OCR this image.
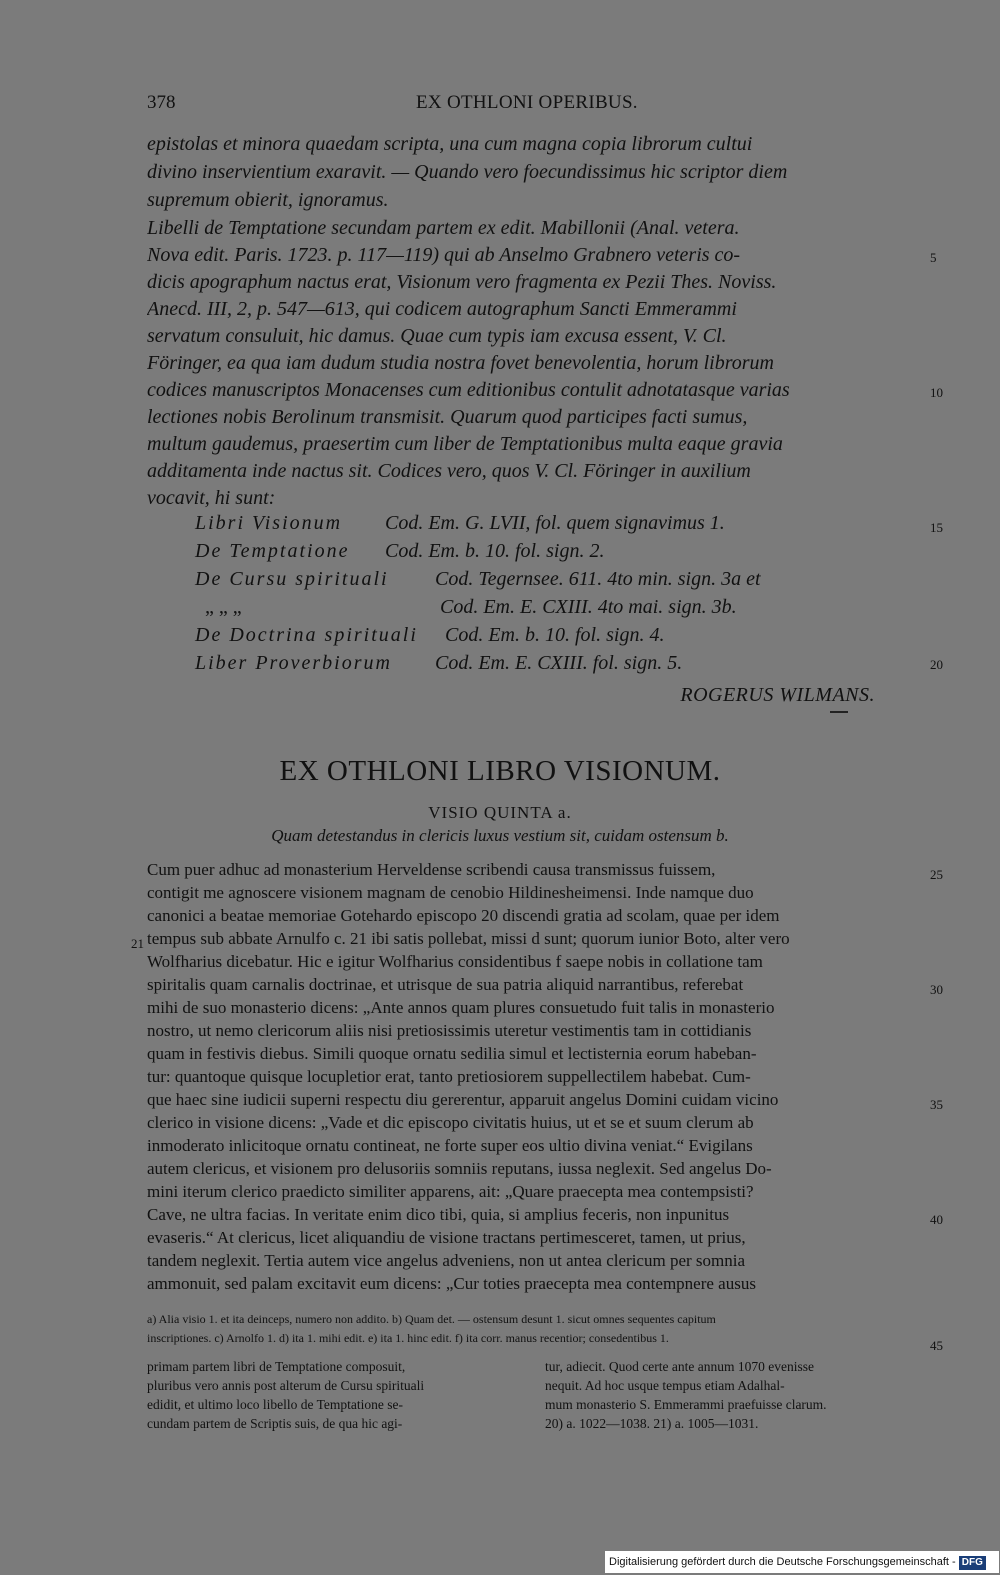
378	EX OTHLONI OPERIBUS.
epistolas et minora quaedam scripta, una cum magna copia librorum cultui
divino inservientium exaravit. — Quando vero foecundissimus hic scriptor diem
supremum obierit, ignoramus.
Libelli de Temptatione secundam partem ex edit. Mabillonii (Anal. vetera.
Nova edit. Paris. 1723. p. 117—119) qui ab Anselmo Grabnero veteris co-
dicis apographum nactus erat, Visionum vero fragmenta ex Pezii Thes. Noviss.
Anecd. III, 2, p. 547—613, qui codicem autographum Sancti Emmerammi
servatum consuluit, hic damus. Quae cum typis iam excusa essent, V. Cl.
Föringer, ea qua iam dudum studia nostra fovet benevolentia, horum librorum
codices manuscriptos Monacenses cum editionibus contulit adnotatasque varias
lectiones nobis Berolinum transmisit. Quarum quod participes facti sumus,
multum gaudemus, praesertim cum liber de Temptationibus multa eaque gravia
additamenta inde nactus sit. Codices vero, quos V. Cl. Föringer in auxilium
vocavit, hi sunt:
5
10
Libri Visionum Cod. Em. G. LVII, fol. quem signavimus 1.
De Temptatione Cod. Em. b. 10. fol. sign. 2.
De Cursu spirituali Cod. Tegernsee. 611. 4to min. sign. 3a et
„ „ „	Cod. Em. E. CXIII. 4to mai. sign. 3b.
De Doctrina spirituali Cod. Em. b. 10. fol. sign. 4.
Liber Proverbiorum Cod. Em. E. CXIII. fol. sign. 5.
15
20
ROGERUS WILMANS.
EX OTHLONI LIBRO VISIONUM.
VISIO QUINTA a.
Quam detestandus in clericis luxus vestium sit, cuidam ostensum b.
Cum puer adhuc ad monasterium Herveldense scribendi causa transmissus fuissem,
contigit me agnoscere visionem magnam de cenobio Hildinesheimensi. Inde namque duo
canonici a beatae memoriae Gotehardo episcopo 20 discendi gratia ad scolam, quae per idem
tempus sub abbate Arnulfo c. 21 ibi satis pollebat, missi d sunt; quorum iunior Boto, alter vero
Wolfharius dicebatur. Hic e igitur Wolfharius considentibus f saepe nobis in collatione tam
spiritalis quam carnalis doctrinae, et utrisque de sua patria aliquid narrantibus, referebat
mihi de suo monasterio dicens: „Ante annos quam plures consuetudo fuit talis in monasterio
nostro, ut nemo clericorum aliis nisi pretiosissimis uteretur vestimentis tam in cottidianis
quam in festivis diebus. Simili quoque ornatu sedilia simul et lectisternia eorum habeban-
tur: quantoque quisque locupletior erat, tanto pretiosiorem suppellectilem habebat. Cum-
que haec sine iudicii superni respectu diu gererentur, apparuit angelus Domini cuidam vicino
clerico in visione dicens: „Vade et dic episcopo civitatis huius, ut et se et suum clerum ab
inmoderato inlicitoque ornatu contineat, ne forte super eos ultio divina veniat.“ Evigilans
autem clericus, et visionem pro delusoriis somniis reputans, iussa neglexit. Sed angelus Do-
mini iterum clerico praedicto similiter apparens, ait: „Quare praecepta mea contempsisti?
Cave, ne ultra facias. In veritate enim dico tibi, quia, si amplius feceris, non inpunitus
evaseris.“ At clericus, licet aliquandiu de visione tractans pertimesceret, tamen, ut prius,
tandem neglexit. Tertia autem vice angelus adveniens, non ut antea clericum per somnia
ammonuit, sed palam excitavit eum dicens: „Cur toties praecepta mea contempnere ausus
25
30
35
40
45
21
a) Alia visio 1. et ita deinceps, numero non addito. b) Quam det. — ostensum desunt 1. sicut omnes sequentes capitum
inscriptiones. c) Arnolfo 1. d) ita 1. mihi edit. e) ita 1. hinc edit. f) ita corr. manus recentior; consedentibus 1.
primam partem libri de Temptatione composuit,
pluribus vero annis post alterum de Cursu spirituali
edidit, et ultimo loco libello de Temptatione se-
cundam partem de Scriptis suis, de qua hic agi-
tur, adiecit. Quod certe ante annum 1070 evenisse
nequit. Ad hoc usque tempus etiam Adalhal-
mum monasterio S. Emmerammi praefuisse clarum.
20) a. 1022—1038. 21) a. 1005—1031.
Digitalisierung gefördert durch die Deutsche Forschungsgemeinschaft - DFG
